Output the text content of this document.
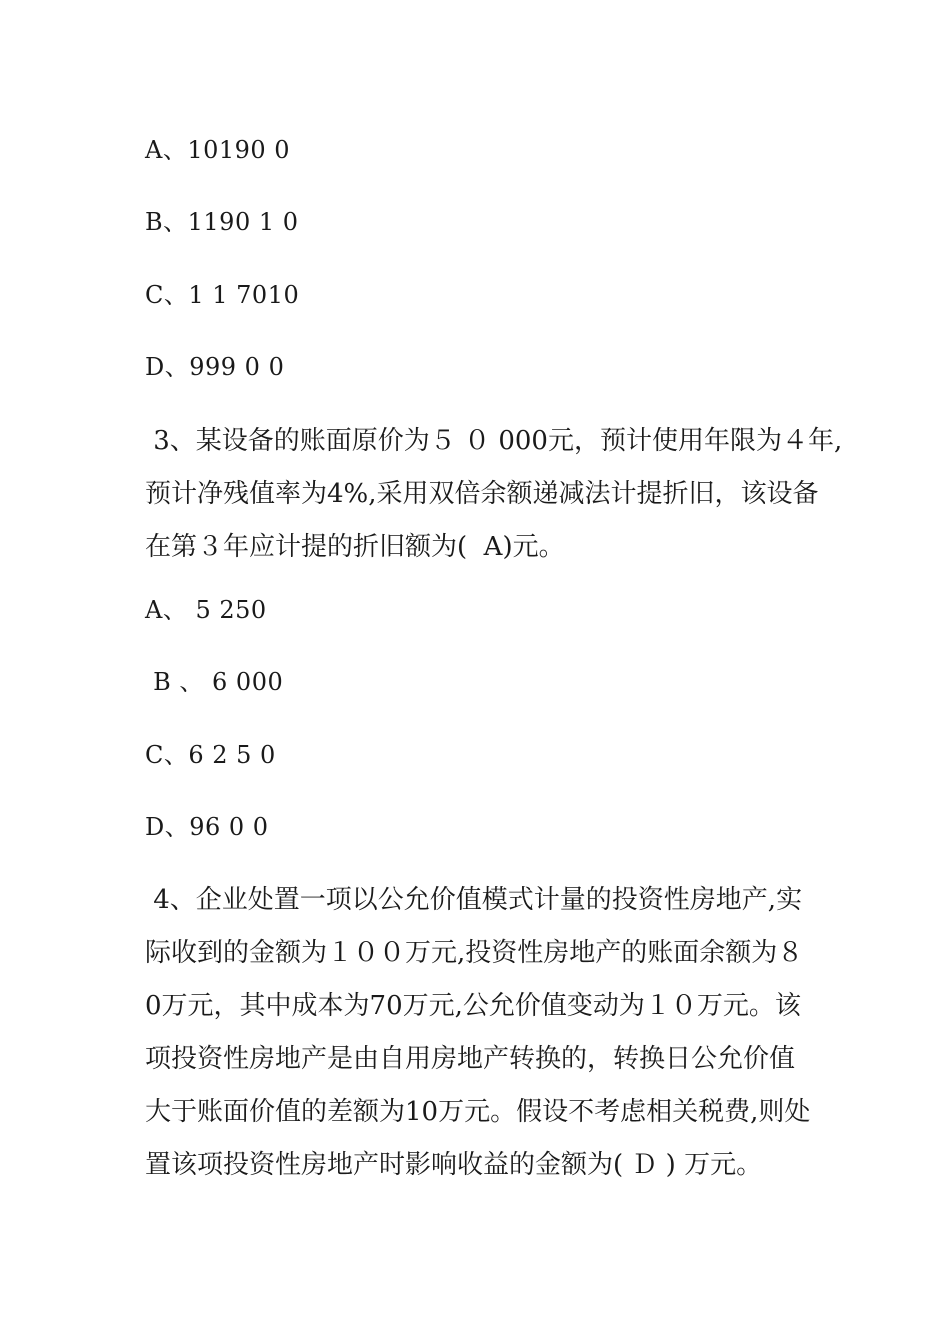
A、10190 0
B、1190 1 0
C、1 1 7010
D、999 0 0
3、某设备的账面原价为５ ０ 000元，预计使用年限为４年,
预计净残值率为4%,采用双倍余额递减法计提折旧，该设备
在第３年应计提的折旧额为(  A)元。
A、 5 250
B 、 6 000
C、6 2 5 0
D、96 0 0
4、企业处置一项以公允价值模式计量的投资性房地产,实
际收到的金额为１００万元,投资性房地产的账面余额为８
0万元，其中成本为70万元,公允价值变动为１０万元。该
项投资性房地产是由自用房地产转换的，转换日公允价值
大于账面价值的差额为10万元。假设不考虑相关税费,则处
置该项投资性房地产时影响收益的金额为( Ｄ ) 万元。
